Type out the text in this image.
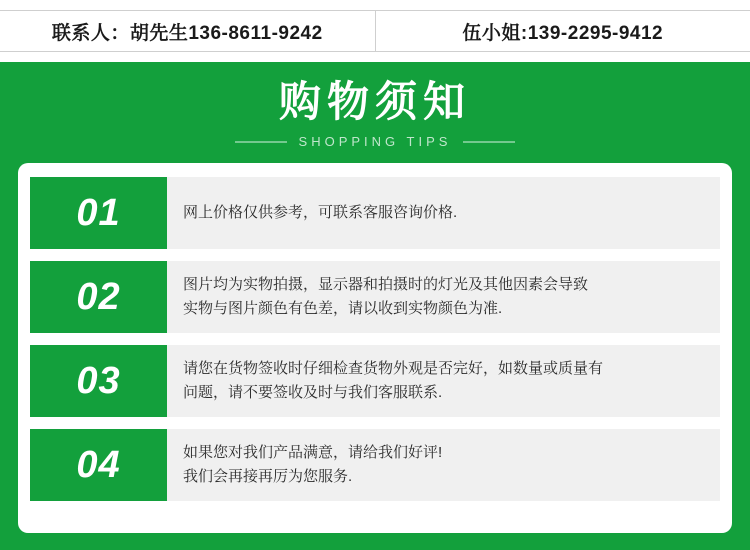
联系人： 胡先生136-8611-9242	伍小姐:139-2295-9412
购物须知
SHOPPING TIPS
01	网上价格仅供参考，可联系客服咨询价格.

02	图片均为实物拍摄，显示器和拍摄时的灯光及其他因素会导致
实物与图片颜色有色差，请以收到实物颜色为准.

03	请您在货物签收时仔细检查货物外观是否完好，如数量或质量有
问题，请不要签收及时与我们客服联系.

04	如果您对我们产品满意，请给我们好评!
我们会再接再厉为您服务.
